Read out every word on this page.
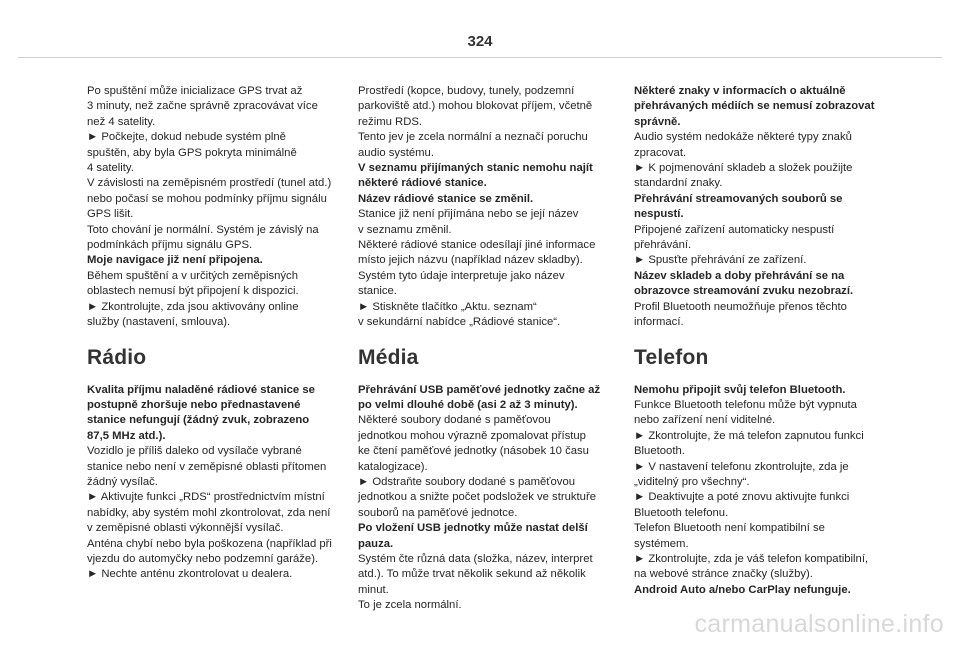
324

Po spuštění může inicializace GPS trvat až
3 minuty, než začne správně zpracovávat více
než 4 satelity.

► Počkejte, dokud nebude systém plně
spuštěn, aby byla GPS pokryta minimálně
4 satelity.

V závislosti na zeměpisném prostředí (tunel atd.)
nebo počasí se mohou podmínky příjmu signálu
GPS lišit.

Toto chování je normální. Systém je závislý na
podmínkách příjmu signálu GPS.

Moje navigace již není připojena.

Během spuštění a v určitých zeměpisných
oblastech nemusí být připojení k dispozici.

► Zkontrolujte, zda jsou aktivovány online
služby (nastavení, smlouva).

Rádio

Kvalita příjmu naladěné rádiové stanice se
postupně zhoršuje nebo přednastavené
stanice nefungují (žádný zvuk, zobrazeno
87,5 MHz atd.).

Vozidlo je příliš daleko od vysílače vybrané
stanice nebo není v zeměpisné oblasti přítomen
žádný vysílač.

► Aktivujte funkci „RDS“ prostřednictvím místní
nabídky, aby systém mohl zkontrolovat, zda není
v zeměpisné oblasti výkonnější vysílač.

Anténa chybí nebo byla poškozena (například při
vjezdu do automyčky nebo podzemní garáže).

► Nechte anténu zkontrolovat u dealera.

Prostředí (kopce, budovy, tunely, podzemní
parkoviště atd.) mohou blokovat příjem, včetně
režimu RDS.

Tento jev je zcela normální a neznačí poruchu
audio systému.

V seznamu přijímaných stanic nemohu najít
některé rádiové stanice.

Název rádiové stanice se změnil.

Stanice již není přijímána nebo se její název
v seznamu změnil.

Některé rádiové stanice odesílají jiné informace
místo jejich názvu (například název skladby).

Systém tyto údaje interpretuje jako název
stanice.

► Stiskněte tlačítko „Aktu. seznam“
v sekundární nabídce „Rádiové stanice“.

Média

Přehrávání USB paměťové jednotky začne až
po velmi dlouhé době (asi 2 až 3 minuty).

Některé soubory dodané s paměťovou
jednotkou mohou výrazně zpomalovat přístup
ke čtení paměťové jednotky (násobek 10 času
katalogizace).

► Odstraňte soubory dodané s paměťovou
jednotkou a snižte počet podsložek ve struktuře
souborů na paměťové jednotce.

Po vložení USB jednotky může nastat delší
pauza.

Systém čte různá data (složka, název, interpret
atd.). To může trvat několik sekund až několik
minut.

To je zcela normální.

Některé znaky v informacích o aktuálně
přehrávaných médiích se nemusí zobrazovat
správně.

Audio systém nedokáže některé typy znaků
zpracovat.

► K pojmenování skladeb a složek použijte
standardní znaky.

Přehrávání streamovaných souborů se
nespustí.

Připojené zařízení automaticky nespustí
přehrávání.

► Spusťte přehrávání ze zařízení.

Název skladeb a doby přehrávání se na
obrazovce streamování zvuku nezobrazí.

Profil Bluetooth neumožňuje přenos těchto
informací.

Telefon

Nemohu připojit svůj telefon Bluetooth.

Funkce Bluetooth telefonu může být vypnuta
nebo zařízení není viditelné.

► Zkontrolujte, že má telefon zapnutou funkci
Bluetooth.

► V nastavení telefonu zkontrolujte, zda je
„viditelný pro všechny“.

► Deaktivujte a poté znovu aktivujte funkci
Bluetooth telefonu.

Telefon Bluetooth není kompatibilní se
systémem.

► Zkontrolujte, zda je váš telefon kompatibilní,
na webové stránce značky (služby).

Android Auto a/nebo CarPlay nefunguje.

carmanualsonline.info
